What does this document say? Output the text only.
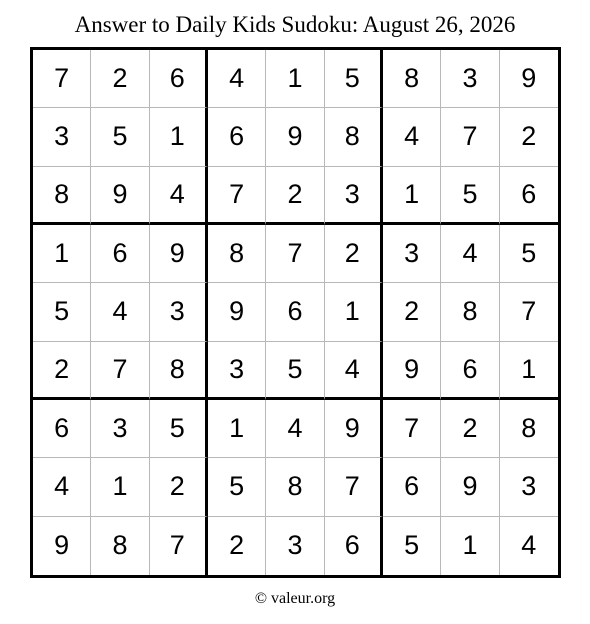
Answer to Daily Kids Sudoku: August 26, 2026
7	2	6	4	1	5	8	3	9
3	5	1	6	9	8	4	7	2
8	9	4	7	2	3	1	5	6
1	6	9	8	7	2	3	4	5
5	4	3	9	6	1	2	8	7
2	7	8	3	5	4	9	6	1
6	3	5	1	4	9	7	2	8
4	1	2	5	8	7	6	9	3
9	8	7	2	3	6	5	1	4
© valeur.org
